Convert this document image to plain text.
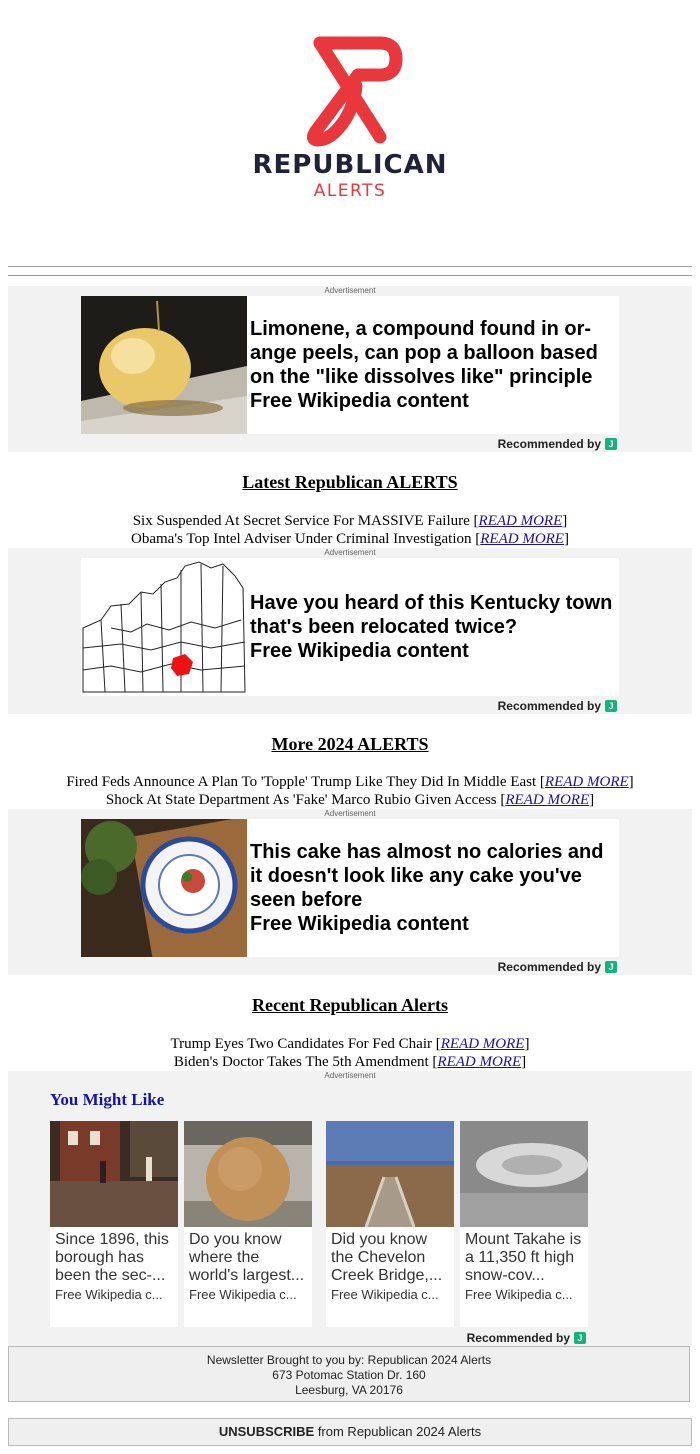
REPUBLICAN
ALERTS
Advertisement
Limonene, a compound found in or-ange peels, can pop a balloon based on the "like dissolves like" principle
Free Wikipedia content
Recommended by J
Latest Republican ALERTS
Six Suspended At Secret Service For MASSIVE Failure [READ MORE]
Obama's Top Intel Adviser Under Criminal Investigation [READ MORE]
Advertisement
Have you heard of this Kentucky town that's been relocated twice?
Free Wikipedia content
Recommended by J
More 2024 ALERTS
Fired Feds Announce A Plan To 'Topple' Trump Like They Did In Middle East [READ MORE]
Shock At State Department As 'Fake' Marco Rubio Given Access [READ MORE]
Advertisement
This cake has almost no calories and it doesn't look like any cake you've seen before
Free Wikipedia content
Recommended by J
Recent Republican Alerts
Trump Eyes Two Candidates For Fed Chair [READ MORE]
Biden's Doctor Takes The 5th Amendment [READ MORE]
Advertisement
You Might Like
Since 1896, this borough has been the sec-...
Free Wikipedia c...
Do you know where the world's largest...
Free Wikipedia c...
Did you know the Chevelon Creek Bridge,...
Free Wikipedia c...
Mount Takahe is a 11,350 ft high snow-cov...
Free Wikipedia c...
Recommended by J
Newsletter Brought to you by: Republican 2024 Alerts
673 Potomac Station Dr. 160
Leesburg, VA 20176
UNSUBSCRIBE from Republican 2024 Alerts
